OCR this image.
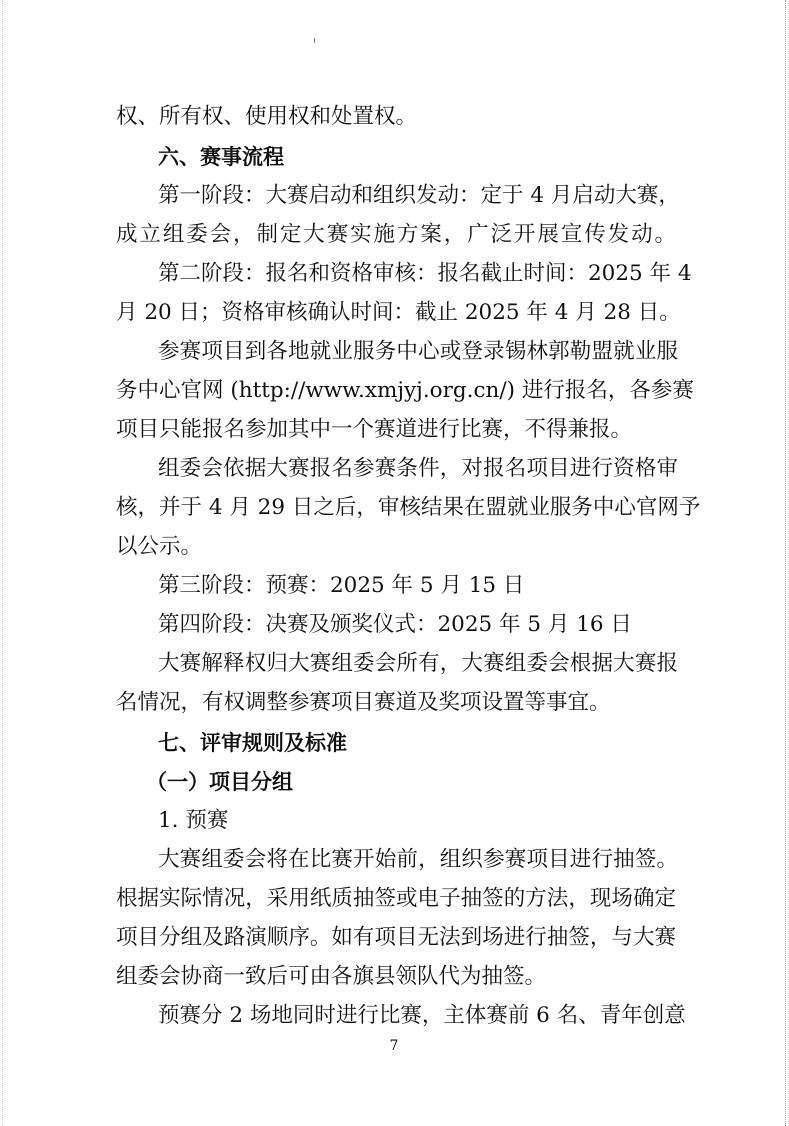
权、所有权、使用权和处置权。
六、赛事流程
第一阶段：大赛启动和组织发动：定于 4 月启动大赛，
成立组委会，制定大赛实施方案，广泛开展宣传发动。
第二阶段：报名和资格审核：报名截止时间：2025 年 4
月 20 日；资格审核确认时间：截止 2025 年 4 月 28 日。
参赛项目到各地就业服务中心或登录锡林郭勒盟就业服
务中心官网 (http://www.xmjyj.org.cn/) 进行报名，各参赛
项目只能报名参加其中一个赛道进行比赛，不得兼报。
组委会依据大赛报名参赛条件，对报名项目进行资格审
核，并于 4 月 29 日之后，审核结果在盟就业服务中心官网予
以公示。
第三阶段：预赛：2025 年 5 月 15 日
第四阶段：决赛及颁奖仪式：2025 年 5 月 16 日
大赛解释权归大赛组委会所有，大赛组委会根据大赛报
名情况，有权调整参赛项目赛道及奖项设置等事宜。
七、评审规则及标准
（一）项目分组
1. 预赛
大赛组委会将在比赛开始前，组织参赛项目进行抽签。
根据实际情况，采用纸质抽签或电子抽签的方法，现场确定
项目分组及路演顺序。如有项目无法到场进行抽签，与大赛
组委会协商一致后可由各旗县领队代为抽签。
预赛分 2 场地同时进行比赛，主体赛前 6 名、青年创意
7
